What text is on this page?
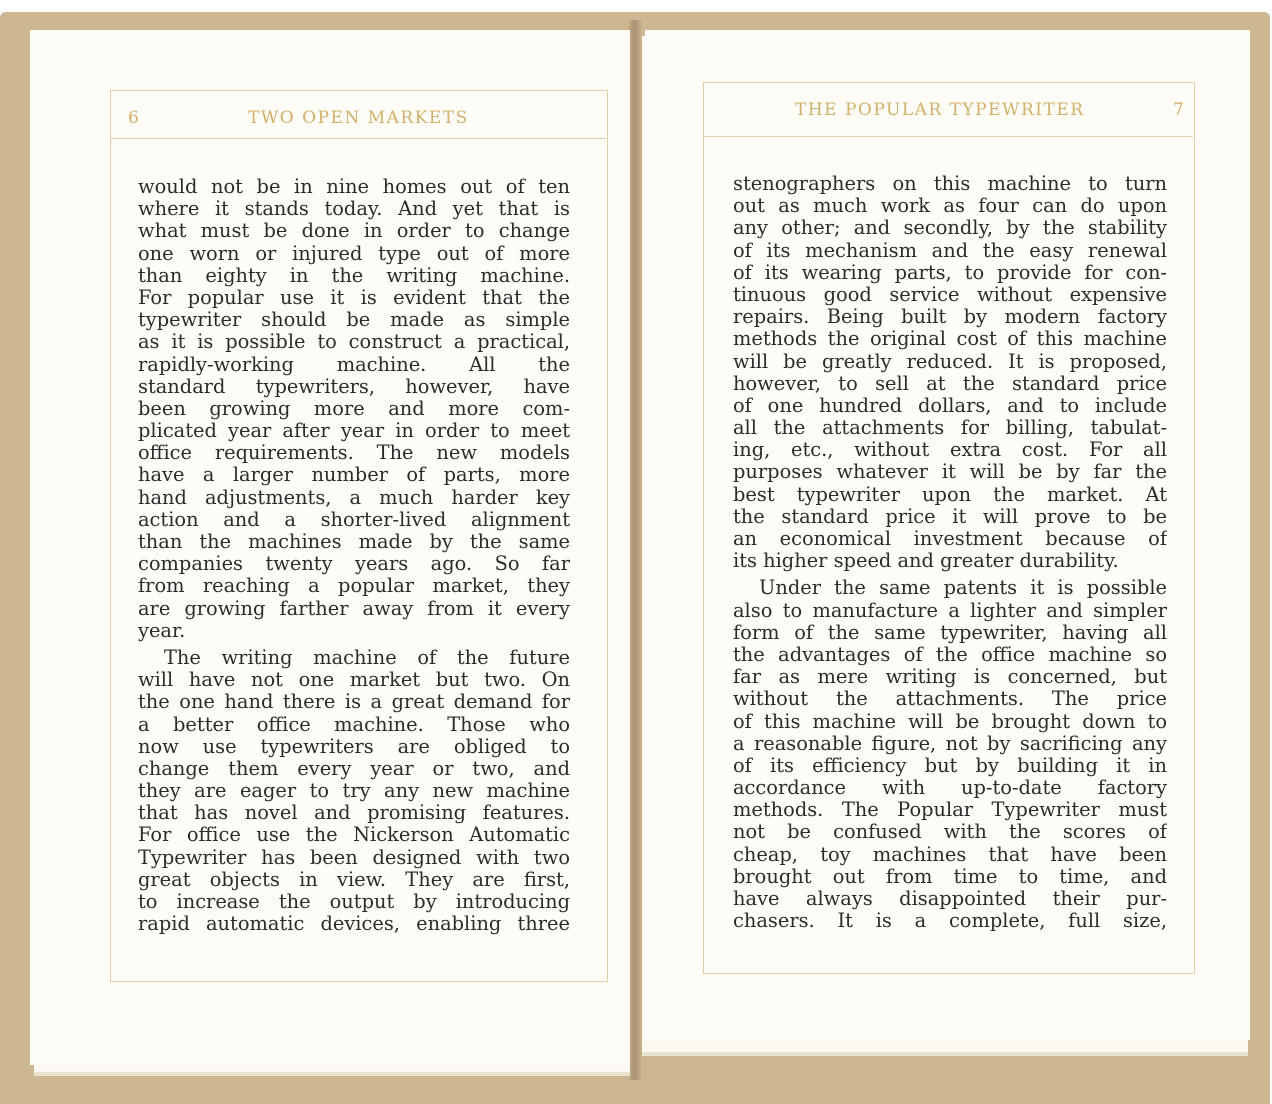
6	TWO OPEN MARKETS
would not be in nine homes out of ten
where it stands today. And yet that is
what must be done in order to change
one worn or injured type out of more
than eighty in the writing machine.
For popular use it is evident that the
typewriter should be made as simple
as it is possible to construct a practical,
rapidly-working machine. All the
standard typewriters, however, have
been growing more and more com-
plicated year after year in order to meet
office requirements. The new models
have a larger number of parts, more
hand adjustments, a much harder key
action and a shorter-lived alignment
than the machines made by the same
companies twenty years ago. So far
from reaching a popular market, they
are growing farther away from it every
year.
The writing machine of the future
will have not one market but two. On
the one hand there is a great demand for
a better office machine. Those who
now use typewriters are obliged to
change them every year or two, and
they are eager to try any new machine
that has novel and promising features.
For office use the Nickerson Automatic
Typewriter has been designed with two
great objects in view. They are first,
to increase the output by introducing
rapid automatic devices, enabling three
THE POPULAR TYPEWRITER	7
stenographers on this machine to turn
out as much work as four can do upon
any other; and secondly, by the stability
of its mechanism and the easy renewal
of its wearing parts, to provide for con-
tinuous good service without expensive
repairs. Being built by modern factory
methods the original cost of this machine
will be greatly reduced. It is proposed,
however, to sell at the standard price
of one hundred dollars, and to include
all the attachments for billing, tabulat-
ing, etc., without extra cost. For all
purposes whatever it will be by far the
best typewriter upon the market. At
the standard price it will prove to be
an economical investment because of
its higher speed and greater durability.
Under the same patents it is possible
also to manufacture a lighter and simpler
form of the same typewriter, having all
the advantages of the office machine so
far as mere writing is concerned, but
without the attachments. The price
of this machine will be brought down to
a reasonable figure, not by sacrificing any
of its efficiency but by building it in
accordance with up-to-date factory
methods. The Popular Typewriter must
not be confused with the scores of
cheap, toy machines that have been
brought out from time to time, and
have always disappointed their pur-
chasers. It is a complete, full size,
